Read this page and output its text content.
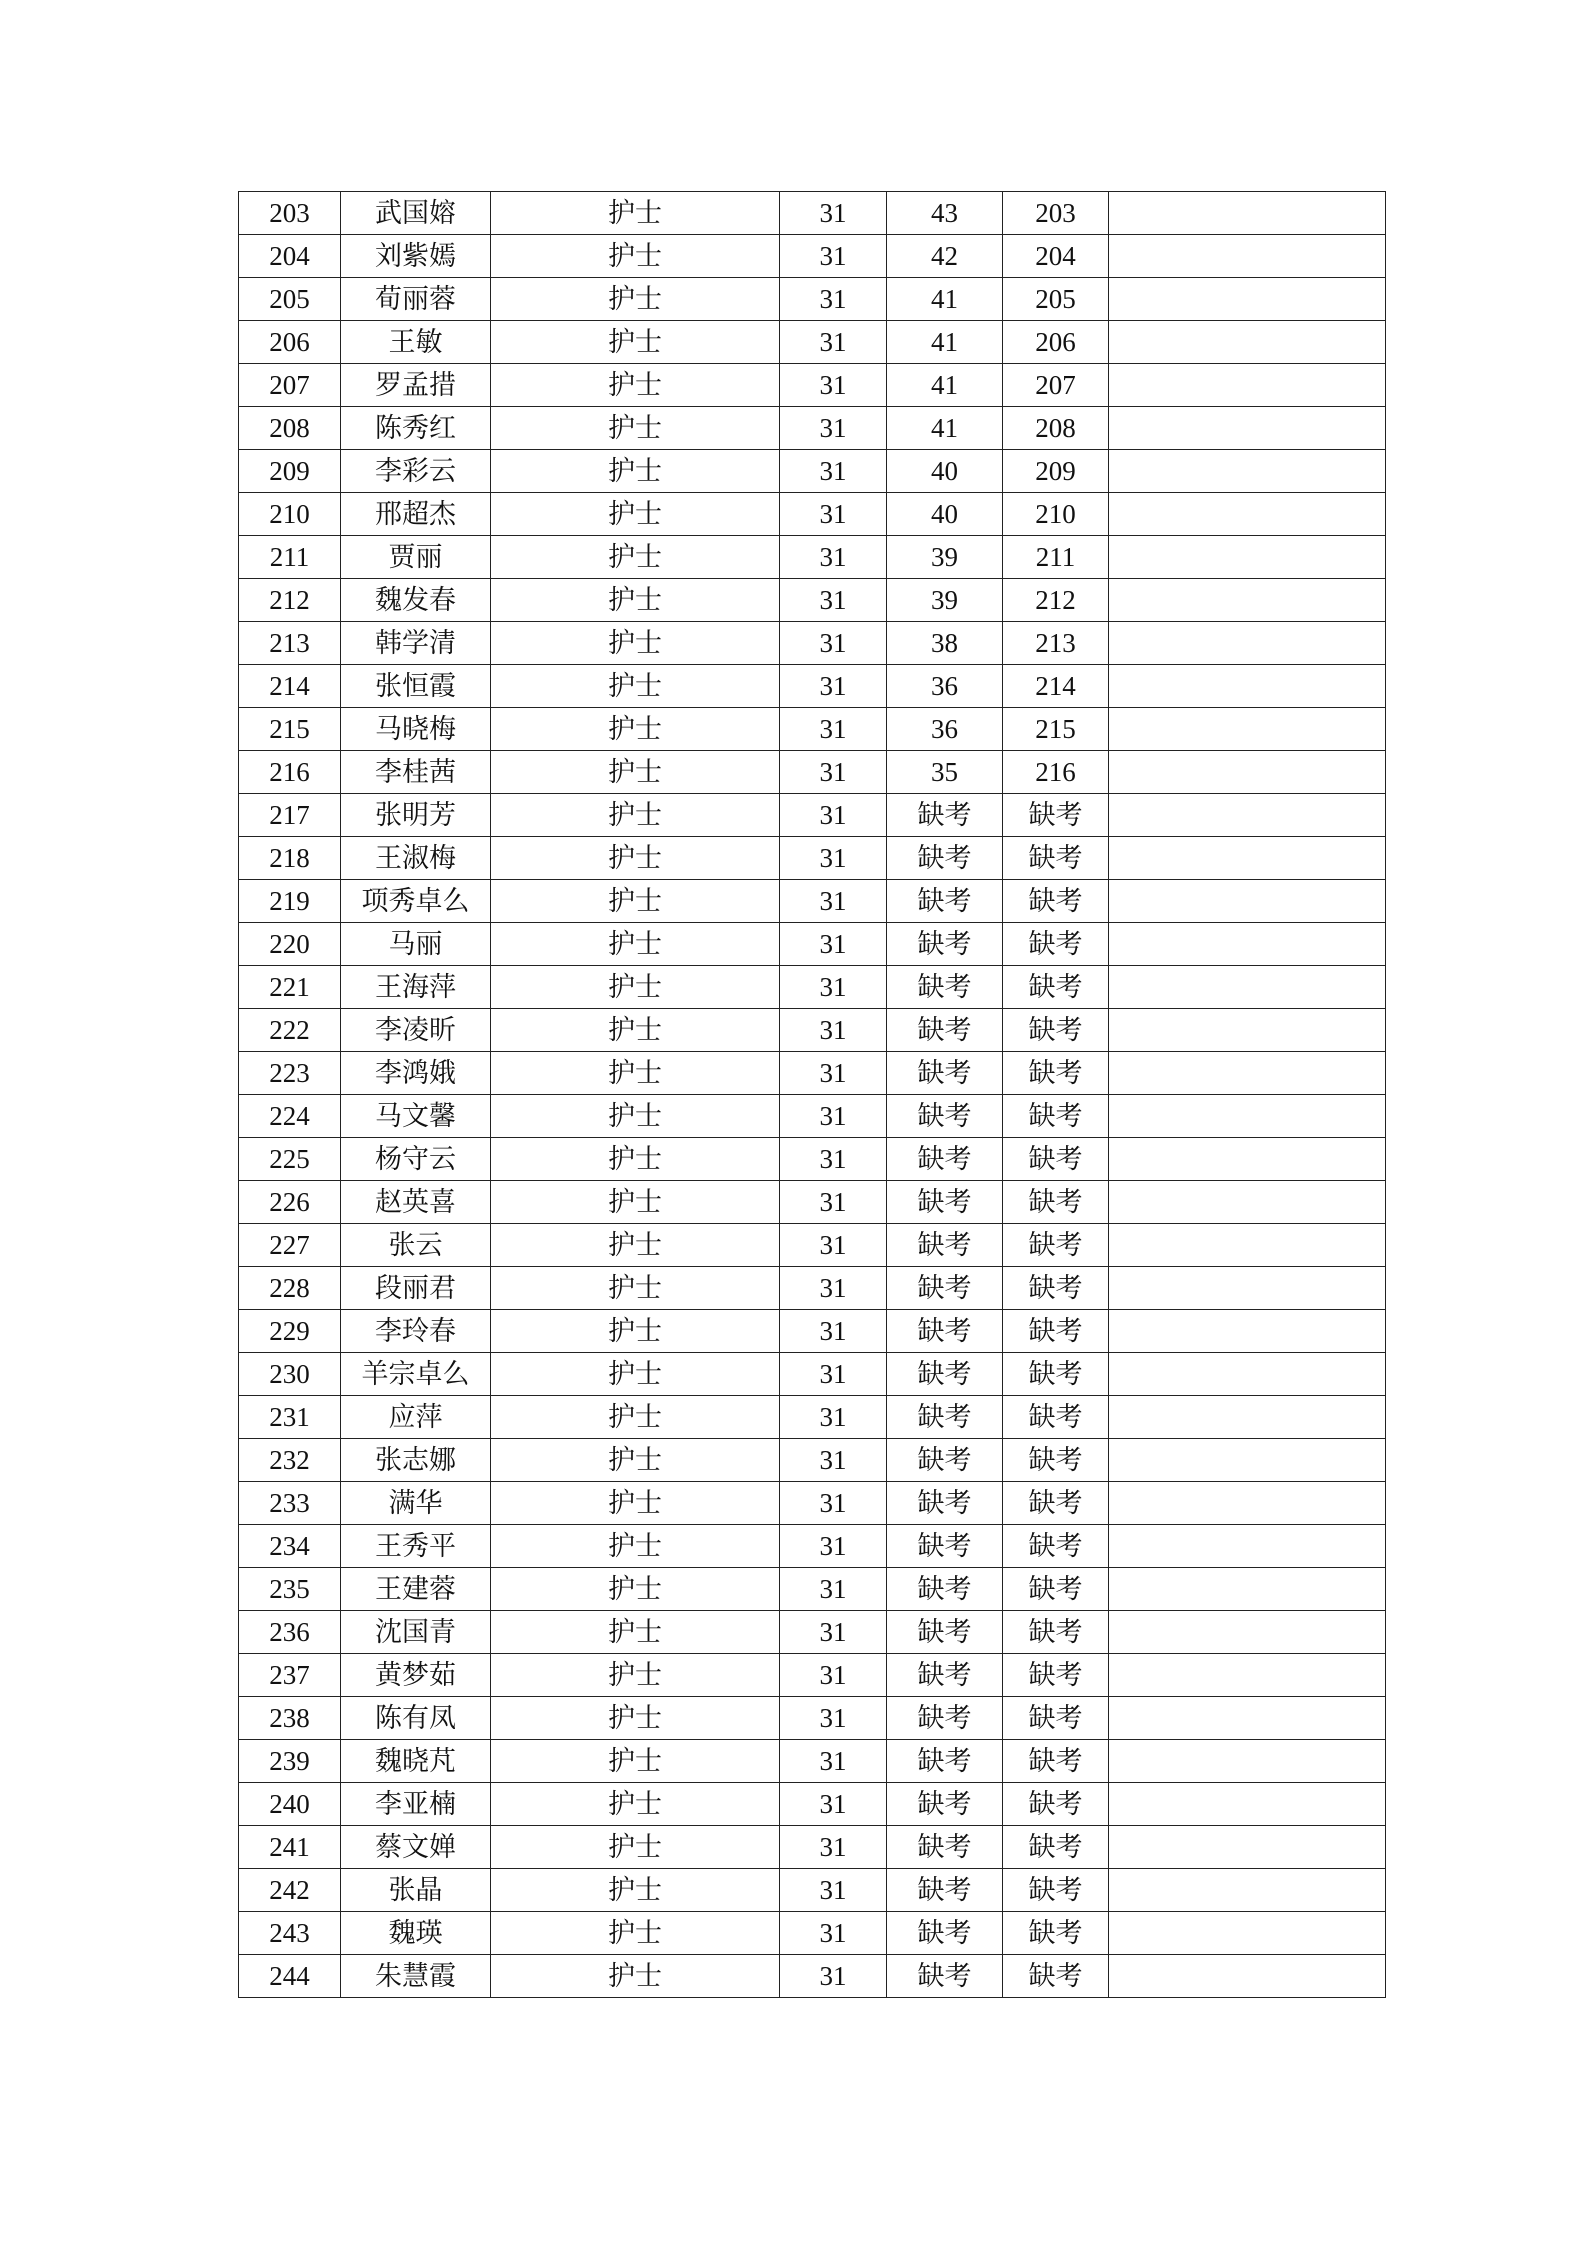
203	武国嫆	护士	31	43	203	
204	刘紫嫣	护士	31	42	204	
205	荀丽蓉	护士	31	41	205	
206	王敏	护士	31	41	206	
207	罗孟措	护士	31	41	207	
208	陈秀红	护士	31	41	208	
209	李彩云	护士	31	40	209	
210	邢超杰	护士	31	40	210	
211	贾丽	护士	31	39	211	
212	魏发春	护士	31	39	212	
213	韩学清	护士	31	38	213	
214	张恒霞	护士	31	36	214	
215	马晓梅	护士	31	36	215	
216	李桂茜	护士	31	35	216	
217	张明芳	护士	31	缺考	缺考	
218	王淑梅	护士	31	缺考	缺考	
219	项秀卓么	护士	31	缺考	缺考	
220	马丽	护士	31	缺考	缺考	
221	王海萍	护士	31	缺考	缺考	
222	李凌昕	护士	31	缺考	缺考	
223	李鸿娥	护士	31	缺考	缺考	
224	马文馨	护士	31	缺考	缺考	
225	杨守云	护士	31	缺考	缺考	
226	赵英喜	护士	31	缺考	缺考	
227	张云	护士	31	缺考	缺考	
228	段丽君	护士	31	缺考	缺考	
229	李玲春	护士	31	缺考	缺考	
230	羊宗卓么	护士	31	缺考	缺考	
231	应萍	护士	31	缺考	缺考	
232	张志娜	护士	31	缺考	缺考	
233	满华	护士	31	缺考	缺考	
234	王秀平	护士	31	缺考	缺考	
235	王建蓉	护士	31	缺考	缺考	
236	沈国青	护士	31	缺考	缺考	
237	黄梦茹	护士	31	缺考	缺考	
238	陈有凤	护士	31	缺考	缺考	
239	魏晓芃	护士	31	缺考	缺考	
240	李亚楠	护士	31	缺考	缺考	
241	蔡文婵	护士	31	缺考	缺考	
242	张晶	护士	31	缺考	缺考	
243	魏瑛	护士	31	缺考	缺考	
244	朱慧霞	护士	31	缺考	缺考	
